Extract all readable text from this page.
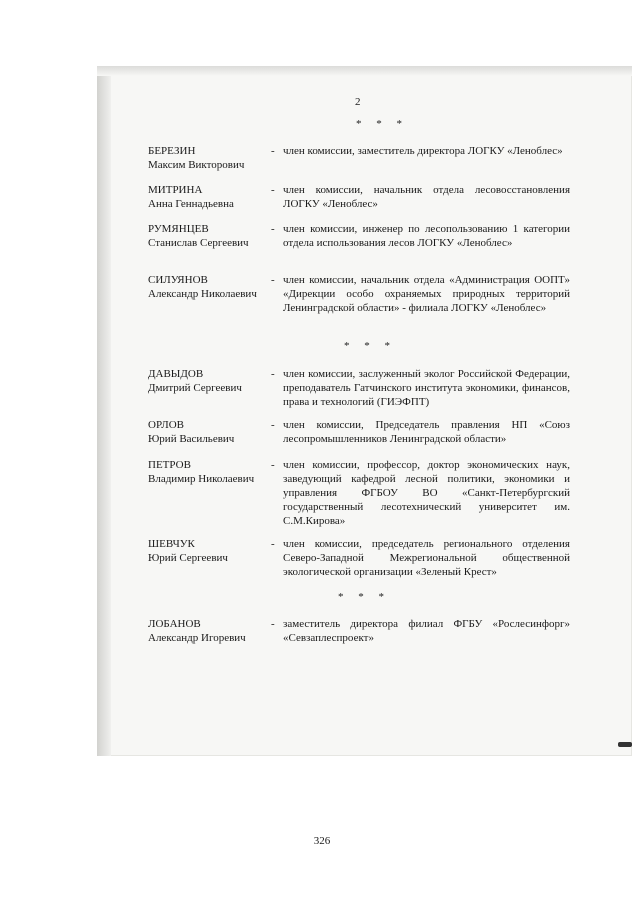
2
* * *
БЕРЕЗИН
Максим Викторович
- член комиссии, заместитель директора ЛОГКУ «Леноблес»
МИТРИНА
Анна Геннадьевна
- член комиссии, начальник отдела лесовосстановления ЛОГКУ «Леноблес»
РУМЯНЦЕВ
Станислав Сергеевич
- член комиссии, инженер по лесопользованию 1 категории отдела использования лесов ЛОГКУ «Леноблес»
СИЛУЯНОВ
Александр Николаевич
- член комиссии, начальник отдела «Администрация ООПТ» «Дирекции особо охраняемых природных территорий Ленинградской области» - филиала ЛОГКУ «Леноблес»
* * *
ДАВЫДОВ
Дмитрий Сергеевич
- член комиссии, заслуженный эколог Российской Федерации, преподаватель Гатчинского института экономики, финансов, права и технологий (ГИЭФПТ)
ОРЛОВ
Юрий Васильевич
- член комиссии, Председатель правления НП «Союз лесопромышленников Ленинградской области»
ПЕТРОВ
Владимир Николаевич
- член комиссии, профессор, доктор экономических наук, заведующий кафедрой лесной политики, экономики и управления ФГБОУ ВО «Санкт-Петербургский государственный лесотехнический университет им. С.М.Кирова»
ШЕВЧУК
Юрий Сергеевич
- член комиссии, председатель регионального отделения Северо-Западной Межрегиональной общественной экологической организации «Зеленый Крест»
* * *
ЛОБАНОВ
Александр Игоревич
- заместитель директора филиал ФГБУ «Рослесинфорг» «Севзаплеспроект»
326
